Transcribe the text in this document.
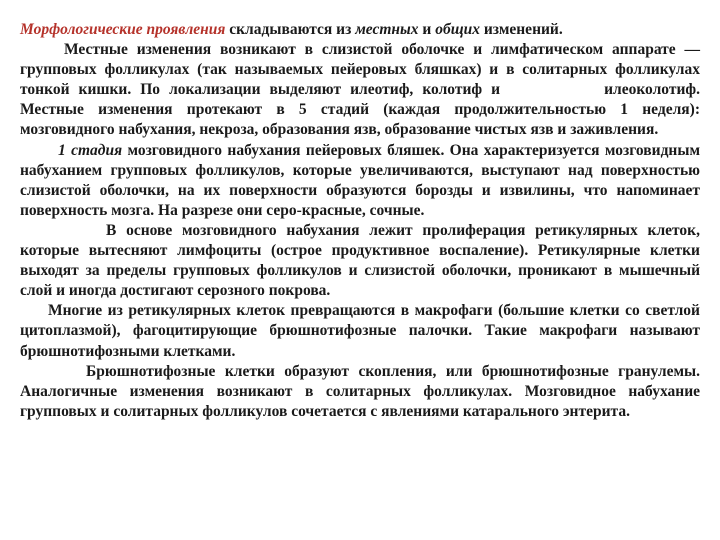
Морфологические проявления складываются из местных и общих изменений.

Местные изменения возникают в слизистой оболочке и лимфатическом аппарате — групповых фолликулах (так называемых пейеровых бляшках) и в солитарных фолликулах тонкой кишки. По локализации выделяют илеотиф, колотиф и	илеоколотиф. Местные изменения протекают в 5 стадий (каждая продолжительностью 1 неделя): мозговидного набухания, некроза, образования язв, образование чистых язв и заживления.

1 стадия мозговидного набухания пейеровых бляшек. Она характеризуется мозговидным набуханием групповых фолликулов, которые увеличиваются, выступают над поверхностью слизистой оболочки, на их поверхности образуются борозды и извилины, что напоминает поверхность мозга. На разрезе они серо-красные, сочные.

В основе мозговидного набухания лежит пролиферация ретикулярных клеток, которые вытесняют лимфоциты (острое продуктивное воспаление). Ретикулярные клетки выходят за пределы групповых фолликулов и слизистой оболочки, проникают в мышечный слой и иногда достигают серозного покрова.

Многие из ретикулярных клеток превращаются в макрофаги (большие клетки со светлой цитоплазмой), фагоцитирующие брюшнотифозные палочки. Такие макрофаги называют брюшнотифозными клетками.

Брюшнотифозные клетки образуют скопления, или брюшнотифозные гранулемы. Аналогичные изменения возникают в солитарных фолликулах. Мозговидное набухание групповых и солитарных фолликулов сочетается с явлениями катарального энтерита.
